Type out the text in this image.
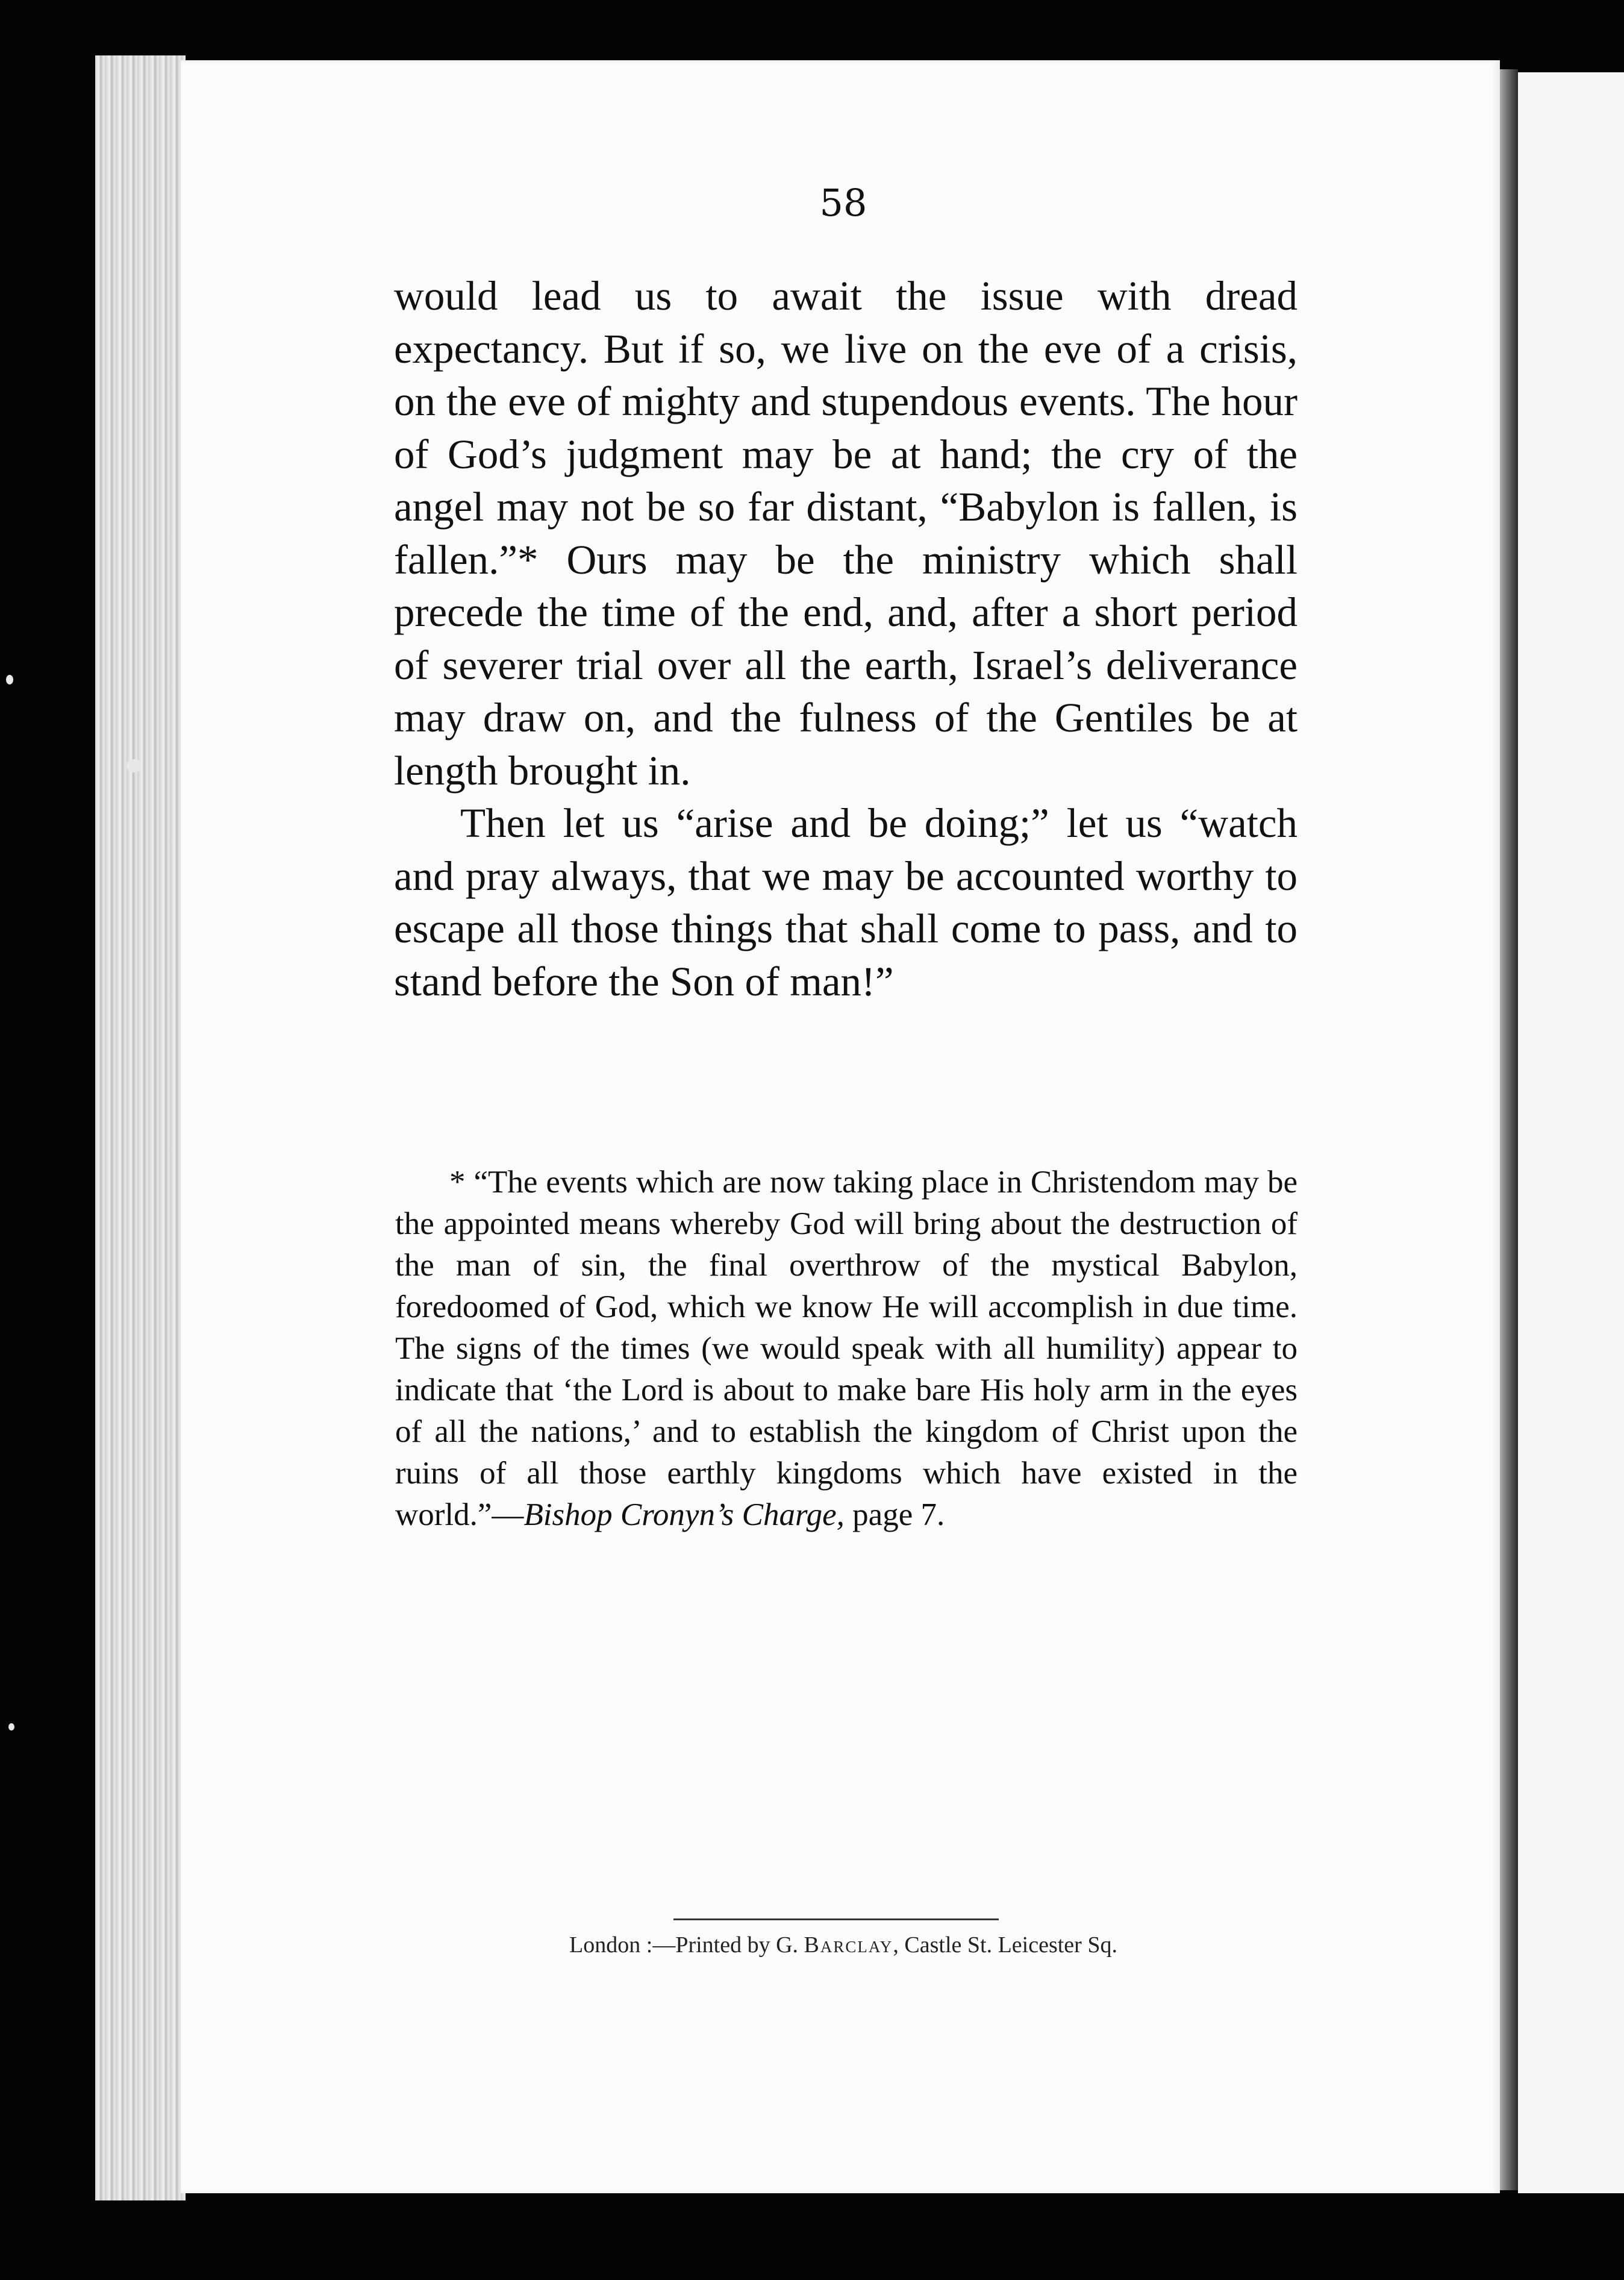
58

would lead us to await the issue with dread expectancy. But if so, we live on the eve of a crisis, on the eve of mighty and stupendous events. The hour of God’s judgment may be at hand; the cry of the angel may not be so far distant, “Babylon is fallen, is fallen.”* Ours may be the ministry which shall precede the time of the end, and, after a short period of severer trial over all the earth, Israel’s deliverance may draw on, and the fulness of the Gentiles be at length brought in.

Then let us “arise and be doing;” let us “watch and pray always, that we may be accounted worthy to escape all those things that shall come to pass, and to stand before the Son of man!”

* “The events which are now taking place in Christendom may be the appointed means whereby God will bring about the destruction of the man of sin, the final overthrow of the mystical Babylon, foredoomed of God, which we know He will accomplish in due time. The signs of the times (we would speak with all humility) appear to indicate that ‘the Lord is about to make bare His holy arm in the eyes of all the nations,’ and to establish the kingdom of Christ upon the ruins of all those earthly kingdoms which have existed in the world.”—Bishop Cronyn’s Charge, page 7.
London :—Printed by G. Barclay, Castle St. Leicester Sq.
